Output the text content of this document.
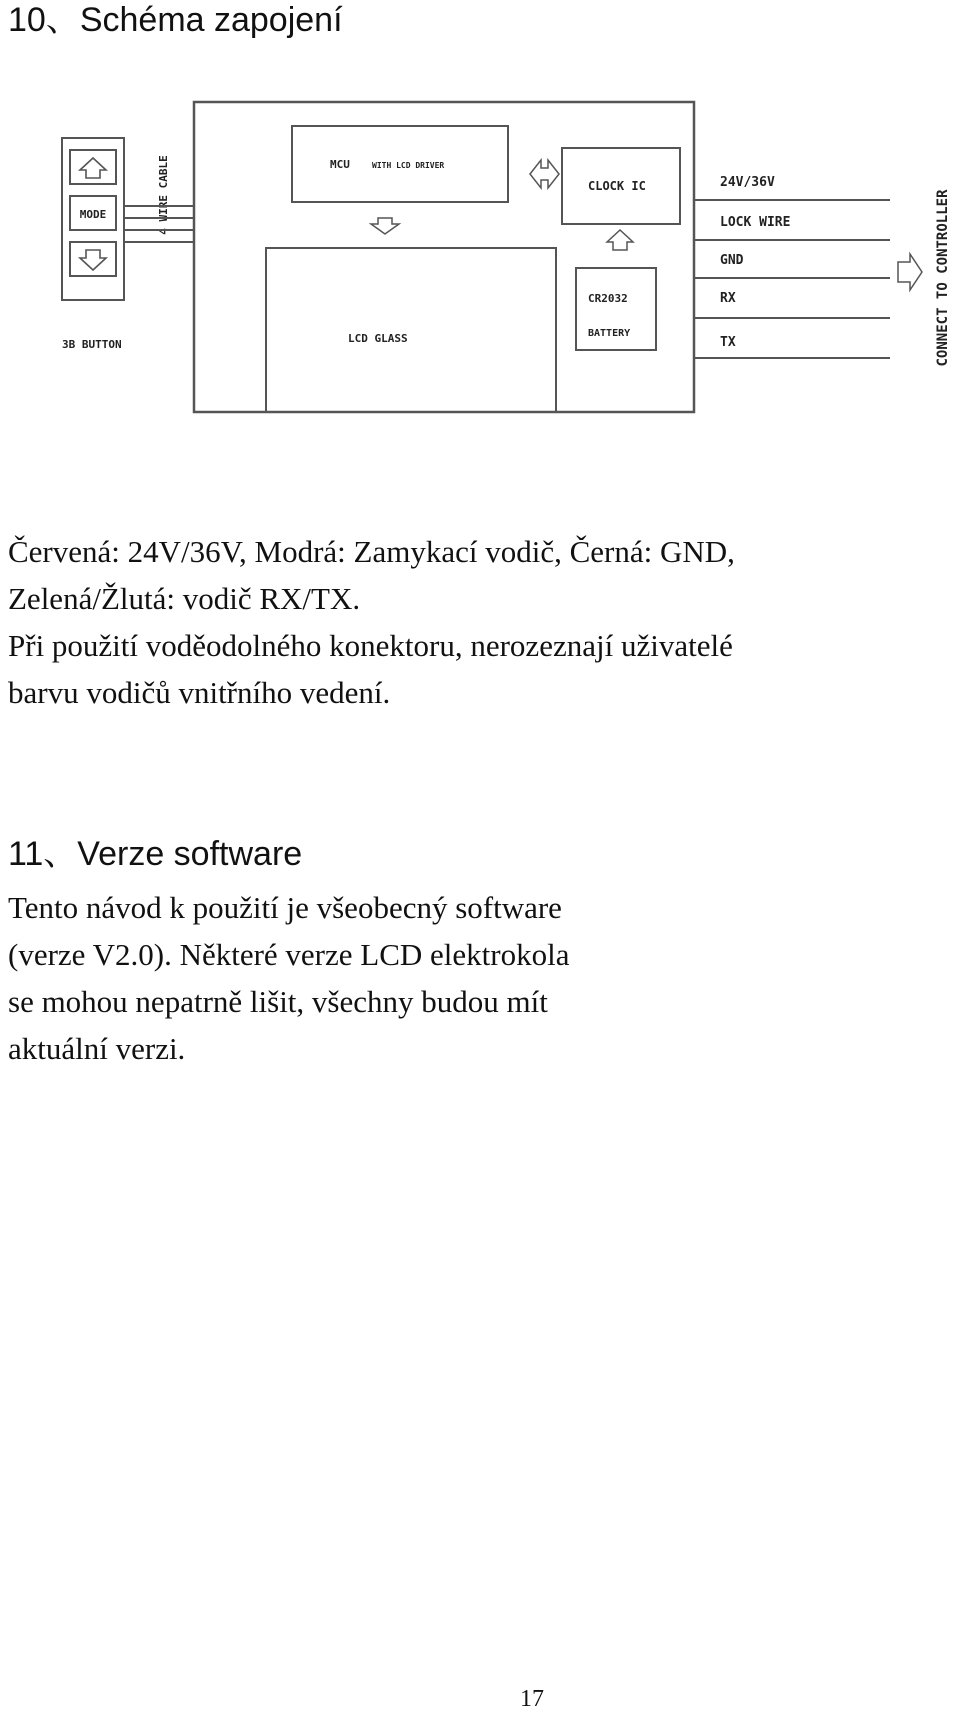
10、Schéma zapojení
4 WIRE CABLE
MODE
3B BUTTON
MCU	WITH LCD DRIVER
CLOCK IC
LCD GLASS
CR2032
BATTERY
24V/36V
LOCK WIRE
GND
RX
TX	CONNECT TO CONTROLLER
Červená: 24V/36V, Modrá: Zamykací vodič, Černá: GND,
Zelená/Žlutá: vodič RX/TX.
Při použití voděodolného konektoru, nerozeznají uživatelé
barvu vodičů vnitřního vedení.
11、Verze software
Tento návod k použití je všeobecný software
(verze V2.0). Některé verze LCD elektrokola
se mohou nepatrně lišit, všechny budou mít
aktuální verzi.
17
